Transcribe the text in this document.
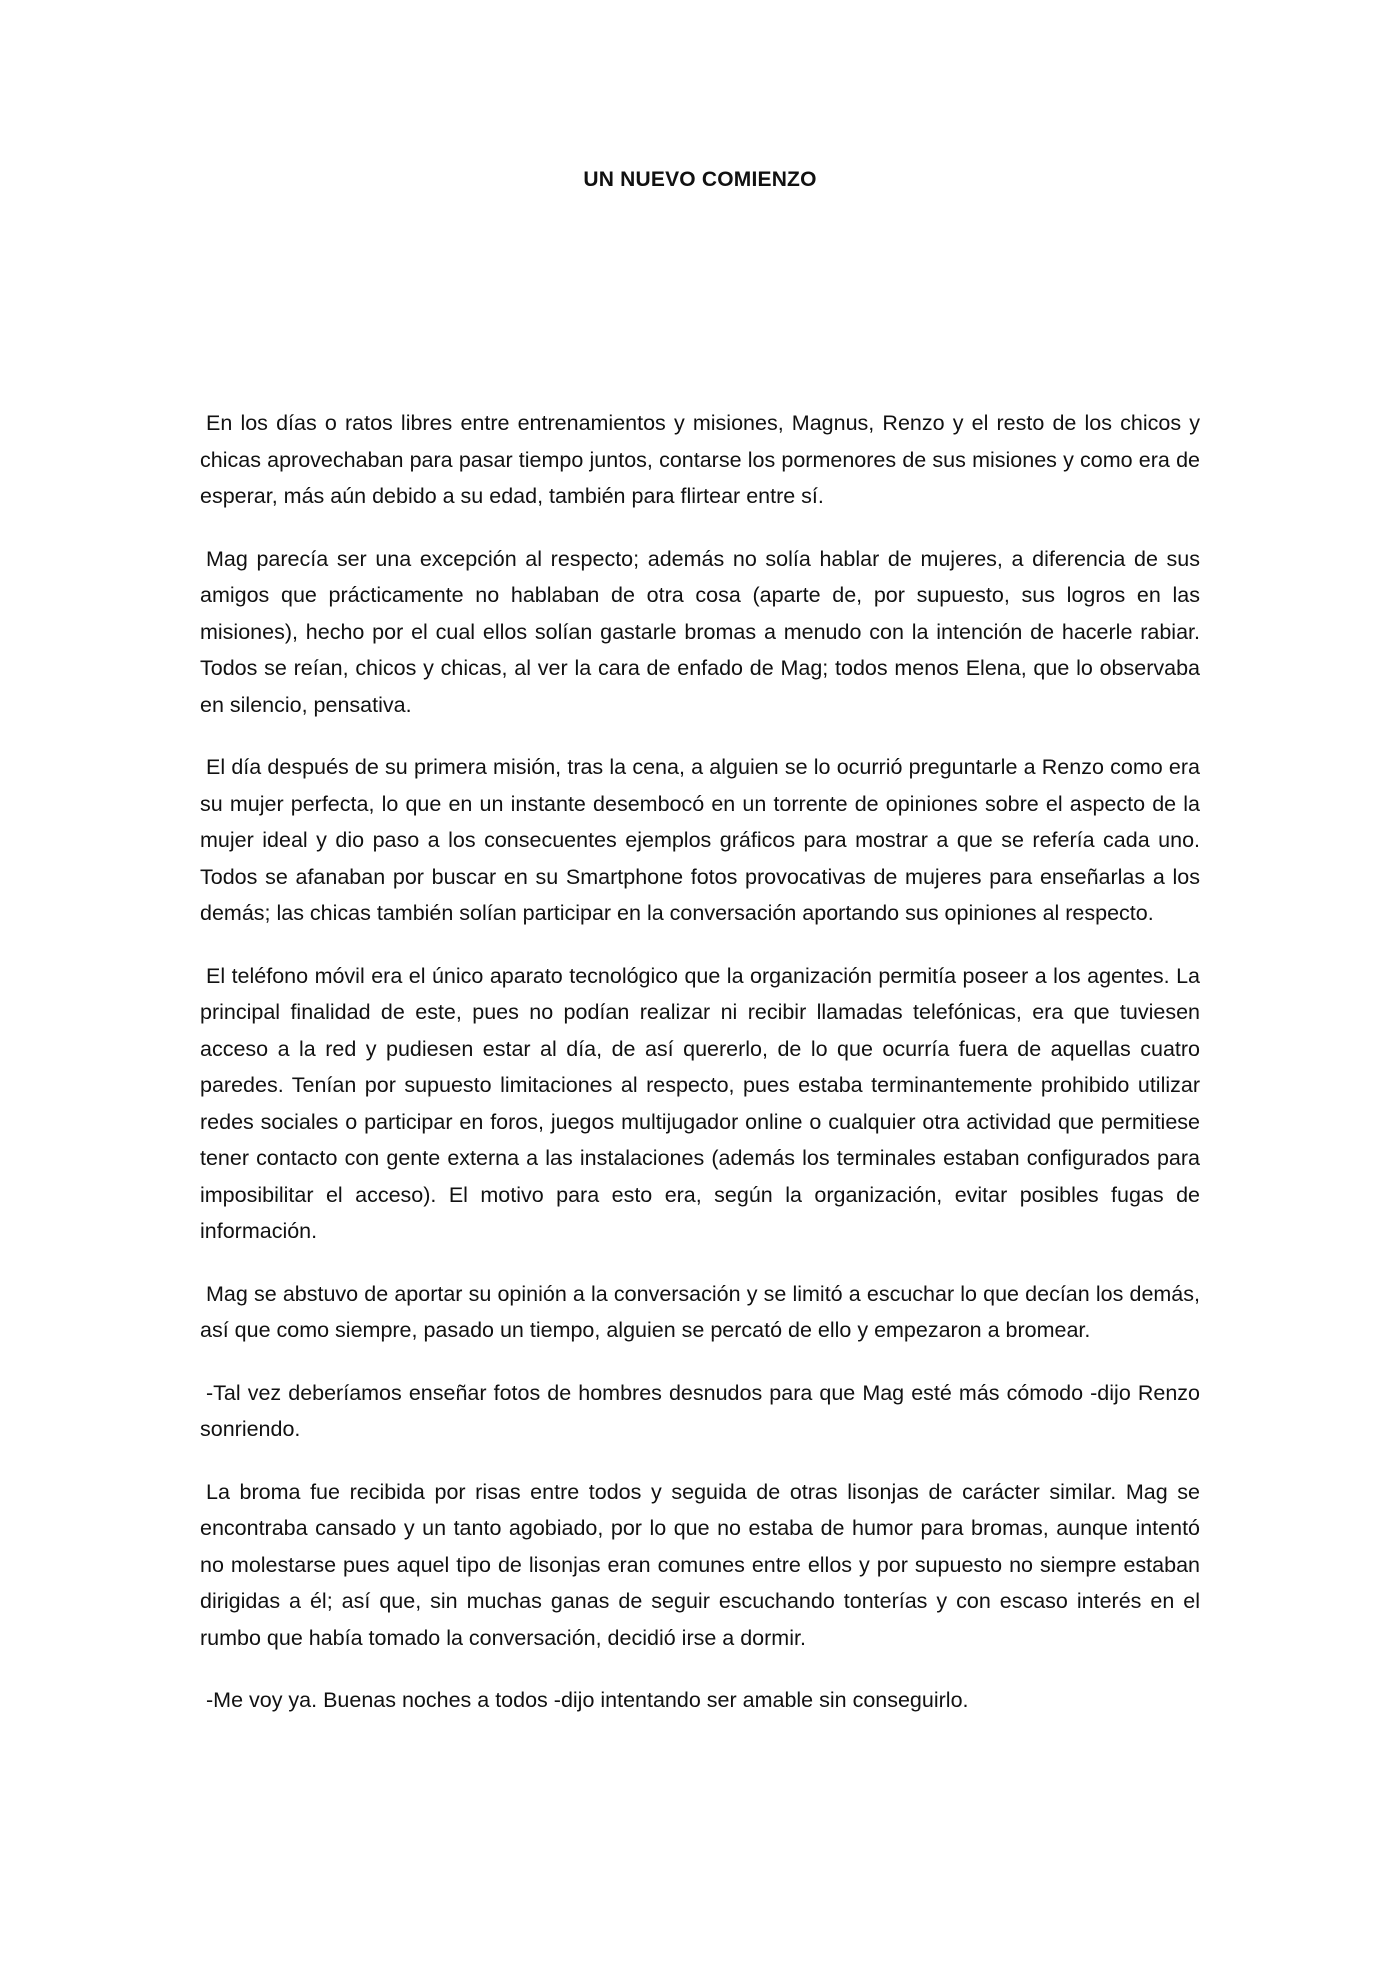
UN NUEVO COMIENZO

En los días o ratos libres entre entrenamientos y misiones, Magnus, Renzo y el resto de los chicos y chicas aprovechaban para pasar tiempo juntos, contarse los pormenores de sus misiones y como era de esperar, más aún debido a su edad, también para flirtear entre sí.

Mag parecía ser una excepción al respecto; además no solía hablar de mujeres, a diferencia de sus amigos que prácticamente no hablaban de otra cosa (aparte de, por supuesto, sus logros en las misiones), hecho por el cual ellos solían gastarle bromas a menudo con la intención de hacerle rabiar. Todos se reían, chicos y chicas, al ver la cara de enfado de Mag; todos menos Elena, que lo observaba en silencio, pensativa.

El día después de su primera misión, tras la cena, a alguien se lo ocurrió preguntarle a Renzo como era su mujer perfecta, lo que en un instante desembocó en un torrente de opiniones sobre el aspecto de la mujer ideal y dio paso a los consecuentes ejemplos gráficos para mostrar a que se refería cada uno. Todos se afanaban por buscar en su Smartphone fotos provocativas de mujeres para enseñarlas a los demás; las chicas también solían participar en la conversación aportando sus opiniones al respecto.

El teléfono móvil era el único aparato tecnológico que la organización permitía poseer a los agentes. La principal finalidad de este, pues no podían realizar ni recibir llamadas telefónicas, era que tuviesen acceso a la red y pudiesen estar al día, de así quererlo, de lo que ocurría fuera de aquellas cuatro paredes. Tenían por supuesto limitaciones al respecto, pues estaba terminantemente prohibido utilizar redes sociales o participar en foros, juegos multijugador online o cualquier otra actividad que permitiese tener contacto con gente externa a las instalaciones (además los terminales estaban configurados para imposibilitar el acceso). El motivo para esto era, según la organización, evitar posibles fugas de información.

Mag se abstuvo de aportar su opinión a la conversación y se limitó a escuchar lo que decían los demás, así que como siempre, pasado un tiempo, alguien se percató de ello y empezaron a bromear.

-Tal vez deberíamos enseñar fotos de hombres desnudos para que Mag esté más cómodo -dijo Renzo sonriendo.

La broma fue recibida por risas entre todos y seguida de otras lisonjas de carácter similar. Mag se encontraba cansado y un tanto agobiado, por lo que no estaba de humor para bromas, aunque intentó no molestarse pues aquel tipo de lisonjas eran comunes entre ellos y por supuesto no siempre estaban dirigidas a él; así que, sin muchas ganas de seguir escuchando tonterías y con escaso interés en el rumbo que había tomado la conversación, decidió irse a dormir.

-Me voy ya. Buenas noches a todos -dijo intentando ser amable sin conseguirlo.
